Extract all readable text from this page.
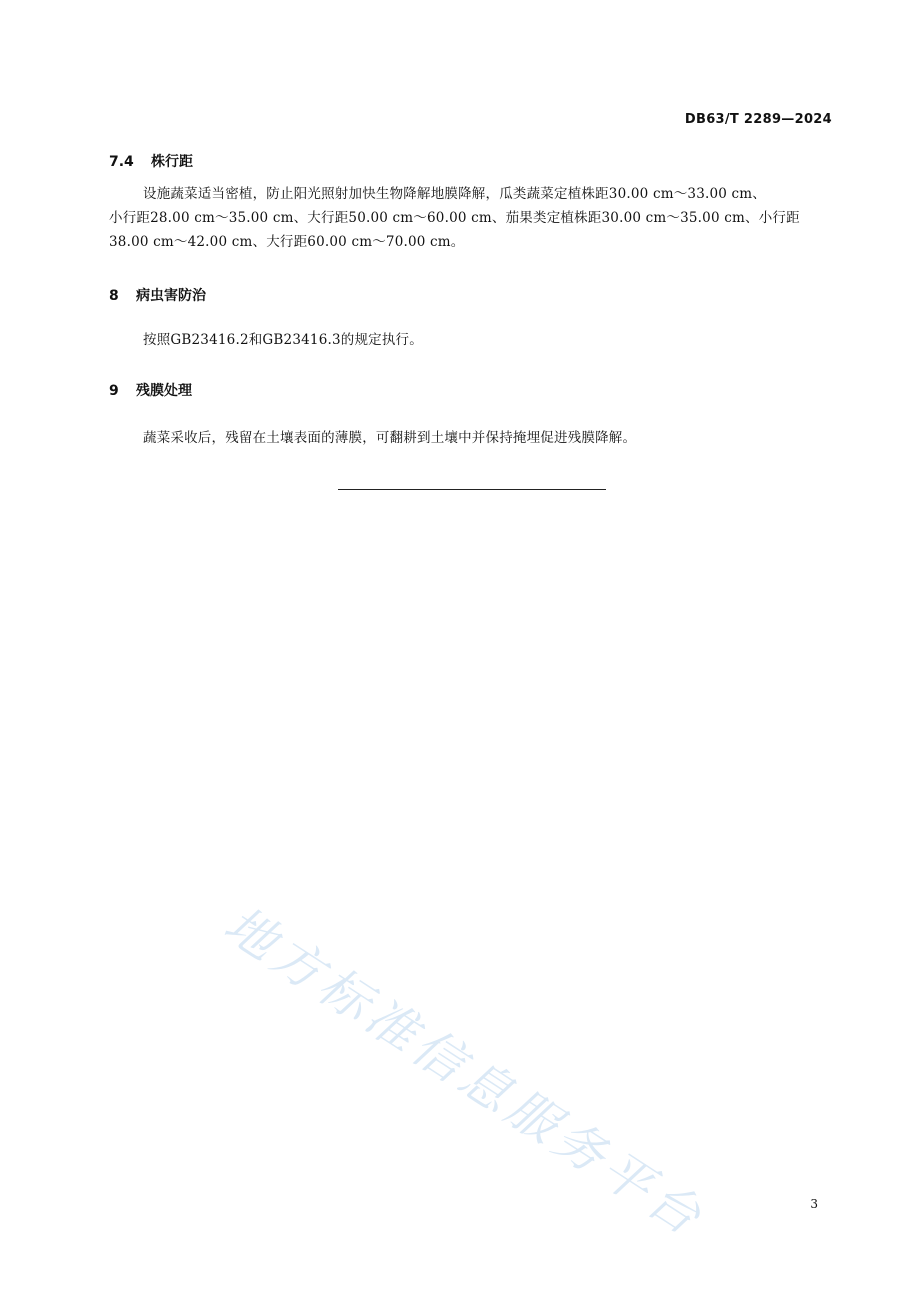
DB63/T 2289—2024
7.4	株行距
设施蔬菜适当密植，防止阳光照射加快生物降解地膜降解，瓜类蔬菜定植株距30.00 cm～33.00 cm、
小行距28.00 cm～35.00 cm、大行距50.00 cm～60.00 cm、茄果类定植株距30.00 cm～35.00 cm、小行距
38.00 cm～42.00 cm、大行距60.00 cm～70.00 cm。
8	病虫害防治
按照GB23416.2和GB23416.3的规定执行。
9	残膜处理
蔬菜采收后，残留在土壤表面的薄膜，可翻耕到土壤中并保持掩埋促进残膜降解。
地方标准信息服务平台	3
